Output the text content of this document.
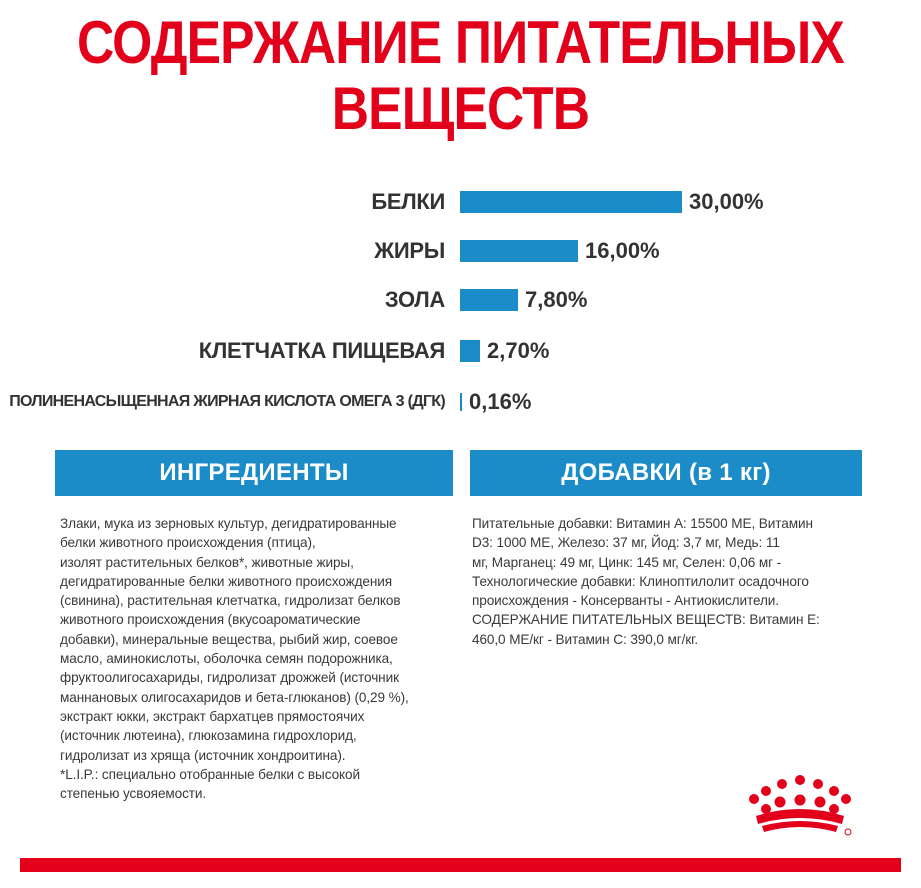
СОДЕРЖАНИЕ ПИТАТЕЛЬНЫХ
ВЕЩЕСТВ
БЕЛКИ	30,00%
ЖИРЫ	16,00%
ЗОЛА	7,80%
КЛЕТЧАТКА ПИЩЕВАЯ 2,70%
ПОЛИНЕНАСЫЩЕННАЯ ЖИРНАЯ КИСЛОТА ОМЕГА 3 (ДГК) 0,16%
ИНГРЕДИЕНТЫ	ДОБАВКИ (в 1 кг)
Злаки, мука из зерновых культур, дегидратированные
белки животного происхождения (птица),
изолят растительных белков*, животные жиры,
дегидратированные белки животного происхождения
(свинина), растительная клетчатка, гидролизат белков
животного происхождения (вкусоароматические
добавки), минеральные вещества, рыбий жир, соевое
масло, аминокислоты, оболочка семян подорожника,
фруктоолигосахариды, гидролизат дрожжей (источник
маннановых олигосахаридов и бета-глюканов) (0,29 %),
экстракт юкки, экстракт бархатцев прямостоячих
(источник лютеина), глюкозамина гидрохлорид,
гидролизат из хряща (источник хондроитина).
*L.I.P.: специально отобранные белки с высокой
степенью усвояемости.
Питательные добавки: Витамин А: 15500 МЕ, Витамин
D3: 1000 МЕ, Железо: 37 мг, Йод: 3,7 мг, Медь: 11
мг, Марганец: 49 мг, Цинк: 145 мг, Селен: 0,06 мг -
Технологические добавки: Клиноптилолит осадочного
происхождения - Консерванты - Антиокислители.
СОДЕРЖАНИЕ ПИТАТЕЛЬНЫХ ВЕЩЕСТВ: Витамин Е:
460,0 МЕ/кг - Витамин С: 390,0 мг/кг.
